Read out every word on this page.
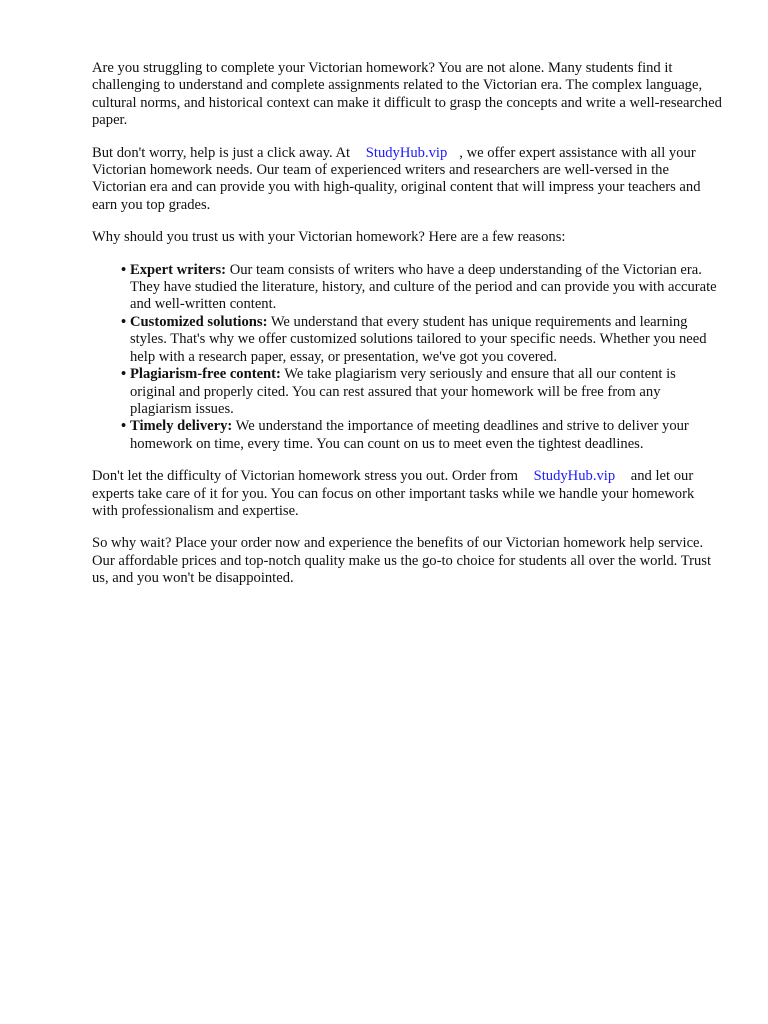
Are you struggling to complete your Victorian homework? You are not alone. Many students find it challenging to understand and complete assignments related to the Victorian era. The complex language, cultural norms, and historical context can make it difficult to grasp the concepts and write a well-researched paper.

But don't worry, help is just a click away. At StudyHub.vip , we offer expert assistance with all your Victorian homework needs. Our team of experienced writers and researchers are well-versed in the Victorian era and can provide you with high-quality, original content that will impress your teachers and earn you top grades.

Why should you trust us with your Victorian homework? Here are a few reasons:

• Expert writers: Our team consists of writers who have a deep understanding of the Victorian era. They have studied the literature, history, and culture of the period and can provide you with accurate and well-written content.
• Customized solutions: We understand that every student has unique requirements and learning styles. That's why we offer customized solutions tailored to your specific needs. Whether you need help with a research paper, essay, or presentation, we've got you covered.
• Plagiarism-free content: We take plagiarism very seriously and ensure that all our content is original and properly cited. You can rest assured that your homework will be free from any plagiarism issues.
• Timely delivery: We understand the importance of meeting deadlines and strive to deliver your homework on time, every time. You can count on us to meet even the tightest deadlines.

Don't let the difficulty of Victorian homework stress you out. Order from StudyHub.vip and let our experts take care of it for you. You can focus on other important tasks while we handle your homework with professionalism and expertise.

So why wait? Place your order now and experience the benefits of our Victorian homework help service. Our affordable prices and top-notch quality make us the go-to choice for students all over the world. Trust us, and you won't be disappointed.
